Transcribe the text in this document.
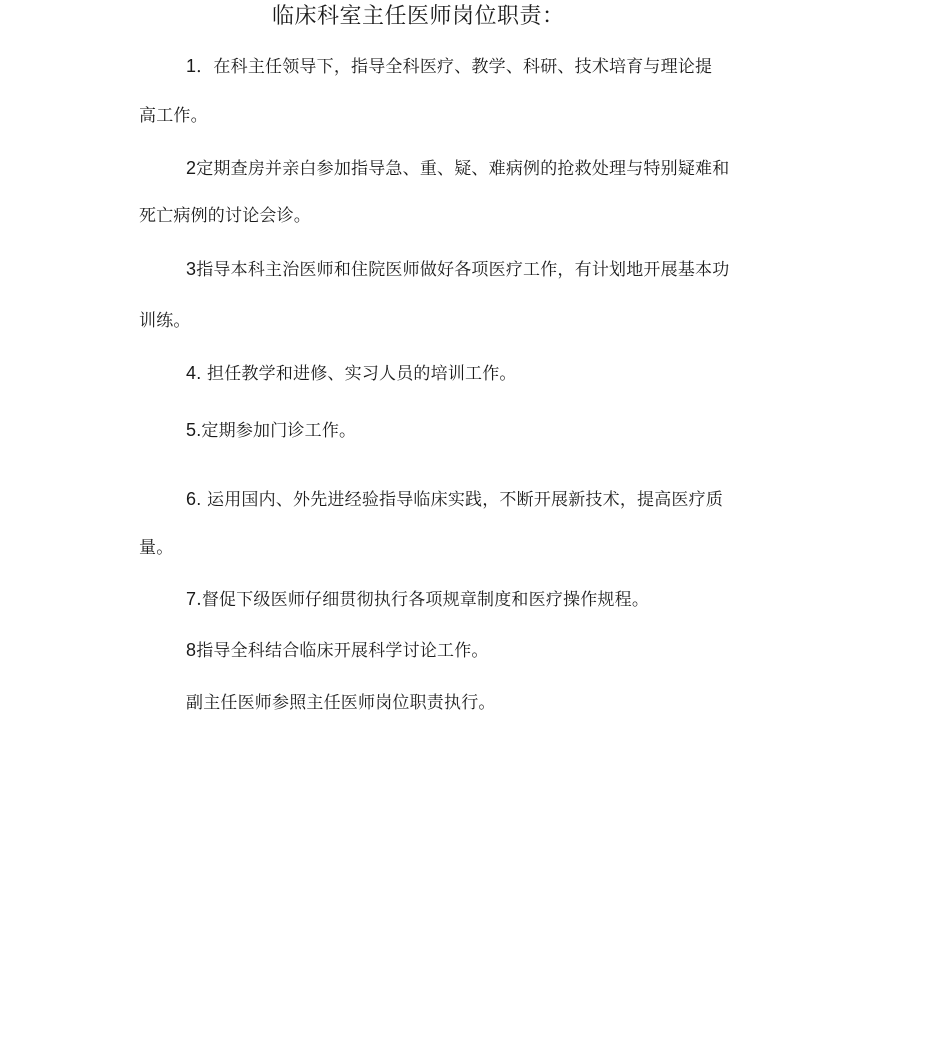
临床科室主任医师岗位职责：
1．在科主任领导下，指导全科医疗、教学、科研、技术培育与理论提
高工作。
2定期查房并亲白参加指导急、重、疑、难病例的抢救处理与特别疑难和
死亡病例的讨论会诊。
3指导本科主治医师和住院医师做好各项医疗工作，有计划地开展基本功
训练。
4. 担任教学和进修、实习人员的培训工作。
5.定期参加门诊工作。
6. 运用国内、外先进经验指导临床实践，不断开展新技术，提高医疗质
量。
7.督促下级医师仔细贯彻执行各项规章制度和医疗操作规程。
8指导全科结合临床开展科学讨论工作。
副主任医师参照主任医师岗位职责执行。
